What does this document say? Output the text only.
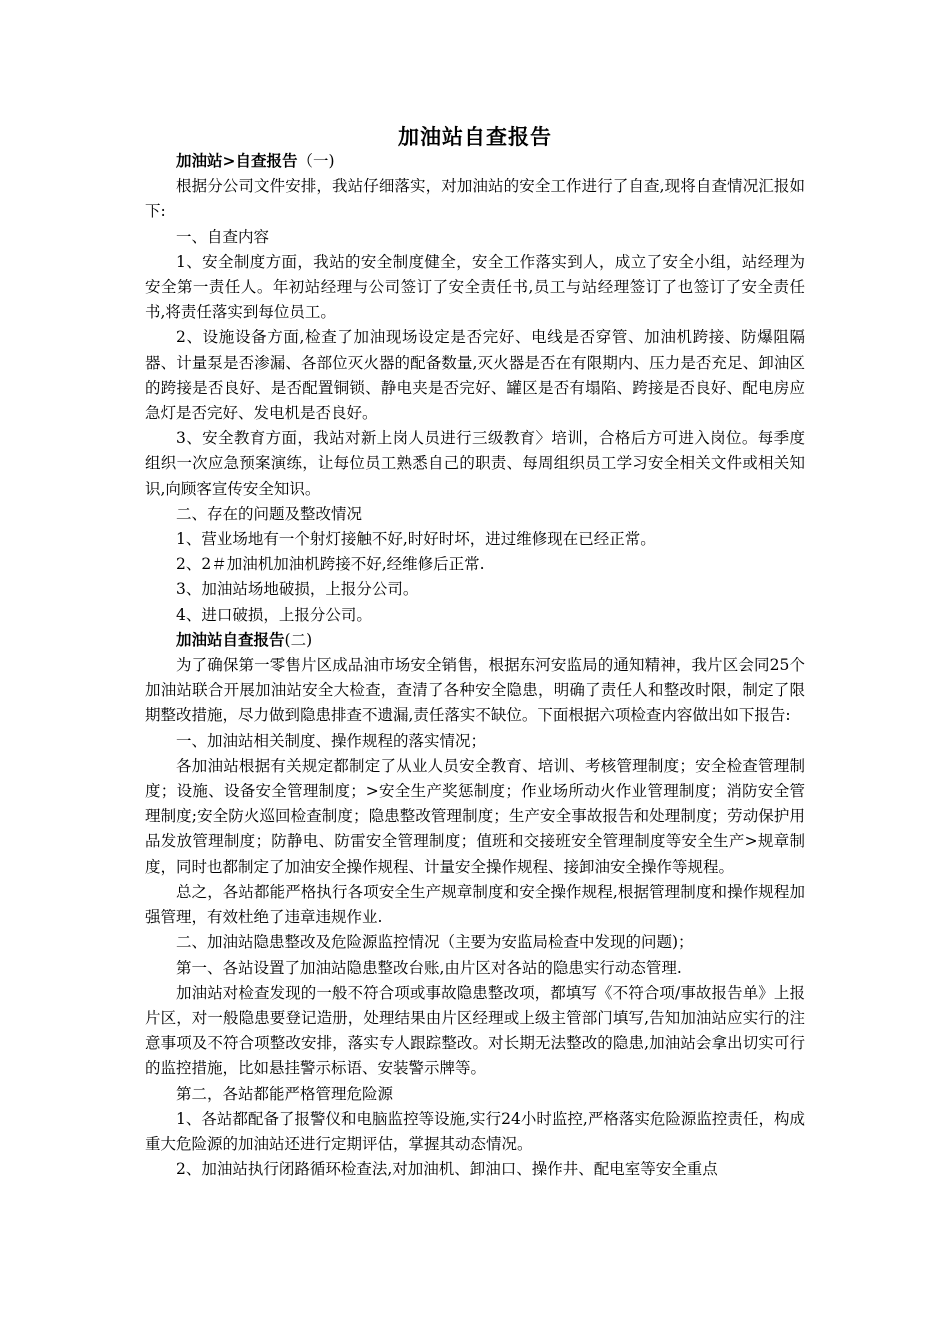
加油站自查报告

加油站>自查报告（一)

根据分公司文件安排，我站仔细落实，对加油站的安全工作进行了自查,现将自查情况汇报如下:

一、自查内容

1、安全制度方面，我站的安全制度健全，安全工作落实到人，成立了安全小组，站经理为安全第一责任人。年初站经理与公司签订了安全责任书,员工与站经理签订了也签订了安全责任书,将责任落实到每位员工。

2、设施设备方面,检查了加油现场设定是否完好、电线是否穿管、加油机跨接、防爆阻隔器、计量泵是否渗漏、各部位灭火器的配备数量,灭火器是否在有限期内、压力是否充足、卸油区的跨接是否良好、是否配置铜锁、静电夹是否完好、罐区是否有塌陷、跨接是否良好、配电房应急灯是否完好、发电机是否良好。

3、安全教育方面，我站对新上岗人员进行三级教育〉培训，合格后方可进入岗位。每季度组织一次应急预案演练，让每位员工熟悉自己的职责、每周组织员工学习安全相关文件或相关知识,向顾客宣传安全知识。

二、存在的问题及整改情况

1、营业场地有一个射灯接触不好,时好时坏，进过维修现在已经正常。

2、2＃加油机加油机跨接不好,经维修后正常.

3、加油站场地破损，上报分公司。

4、进口破损，上报分公司。

加油站自查报告(二)

为了确保第一零售片区成品油市场安全销售，根据东河安监局的通知精神，我片区会同25个加油站联合开展加油站安全大检查，查清了各种安全隐患，明确了责任人和整改时限，制定了限期整改措施，尽力做到隐患排查不遗漏,责任落实不缺位。下面根据六项检查内容做出如下报告:

一、加油站相关制度、操作规程的落实情况；

各加油站根据有关规定都制定了从业人员安全教育、培训、考核管理制度；安全检查管理制度；设施、设备安全管理制度；>安全生产奖惩制度；作业场所动火作业管理制度；消防安全管理制度;安全防火巡回检查制度；隐患整改管理制度；生产安全事故报告和处理制度；劳动保护用品发放管理制度；防静电、防雷安全管理制度；值班和交接班安全管理制度等安全生产>规章制度，同时也都制定了加油安全操作规程、计量安全操作规程、接卸油安全操作等规程。

总之，各站都能严格执行各项安全生产规章制度和安全操作规程,根据管理制度和操作规程加强管理，有效杜绝了违章违规作业.

二、加油站隐患整改及危险源监控情况（主要为安监局检查中发现的问题)；

第一、各站设置了加油站隐患整改台账,由片区对各站的隐患实行动态管理.

加油站对检查发现的一般不符合项或事故隐患整改项，都填写《不符合项/事故报告单》上报片区，对一般隐患要登记造册，处理结果由片区经理或上级主管部门填写,告知加油站应实行的注意事项及不符合项整改安排，落实专人跟踪整改。对长期无法整改的隐患,加油站会拿出切实可行的监控措施，比如悬挂警示标语、安装警示牌等。

第二，各站都能严格管理危险源

1、各站都配备了报警仪和电脑监控等设施,实行24小时监控,严格落实危险源监控责任，构成重大危险源的加油站还进行定期评估，掌握其动态情况。

2、加油站执行闭路循环检查法,对加油机、卸油口、操作井、配电室等安全重点
